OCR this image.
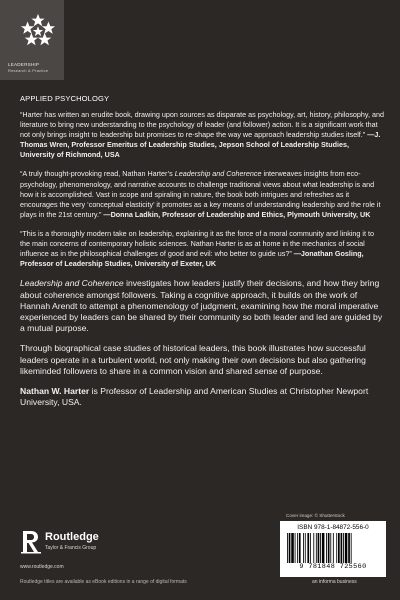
LEADERSHIP
Research & Practice
APPLIED PSYCHOLOGY

“Harter has written an erudite book, drawing upon sources as disparate as psychology, art, history, philosophy, and literature to bring new understanding to the psychology of leader (and follower) action. It is a significant work that not only brings insight to leadership but promises to re-shape the way we approach leadership studies itself.” —J. Thomas Wren, Professor Emeritus of Leadership Studies, Jepson School of Leadership Studies, University of Richmond, USA

“A truly thought-provoking read, Nathan Harter’s Leadership and Coherence interweaves insights from eco-psychology, phenomenology, and narrative accounts to challenge traditional views about what leadership is and how it is accomplished. Vast in scope and spiraling in nature, the book both intrigues and refreshes as it encourages the very ‘conceptual elasticity’ it promotes as a key means of understanding leadership and the role it plays in the 21st century.” —Donna Ladkin, Professor of Leadership and Ethics, Plymouth University, UK

“This is a thoroughly modern take on leadership, explaining it as the force of a moral community and linking it to the main concerns of contemporary holistic sciences. Nathan Harter is as at home in the mechanics of social influence as in the philosophical challenges of good and evil: who better to guide us?” —Jonathan Gosling, Professor of Leadership Studies, University of Exeter, UK

Leadership and Coherence investigates how leaders justify their decisions, and how they bring about coherence amongst followers. Taking a cognitive approach, it builds on the work of Hannah Arendt to attempt a phenomenology of judgment, examining how the moral imperative experienced by leaders can be shared by their community so both leader and led are guided by a mutual purpose.

Through biographical case studies of historical leaders, this book illustrates how successful leaders operate in a turbulent world, not only making their own decisions but also gathering likeminded followers to share in a common vision and shared sense of purpose.

Nathan W. Harter is Professor of Leadership and American Studies at Christopher Newport University, USA.

Cover image: © Shutterstock
Routledge
Taylor & Francis Group
www.routledge.com
Routledge titles are available as eBook editions in a range of digital formats
ISBN 978-1-84872-556-0
9 781848 725560
an informa business
